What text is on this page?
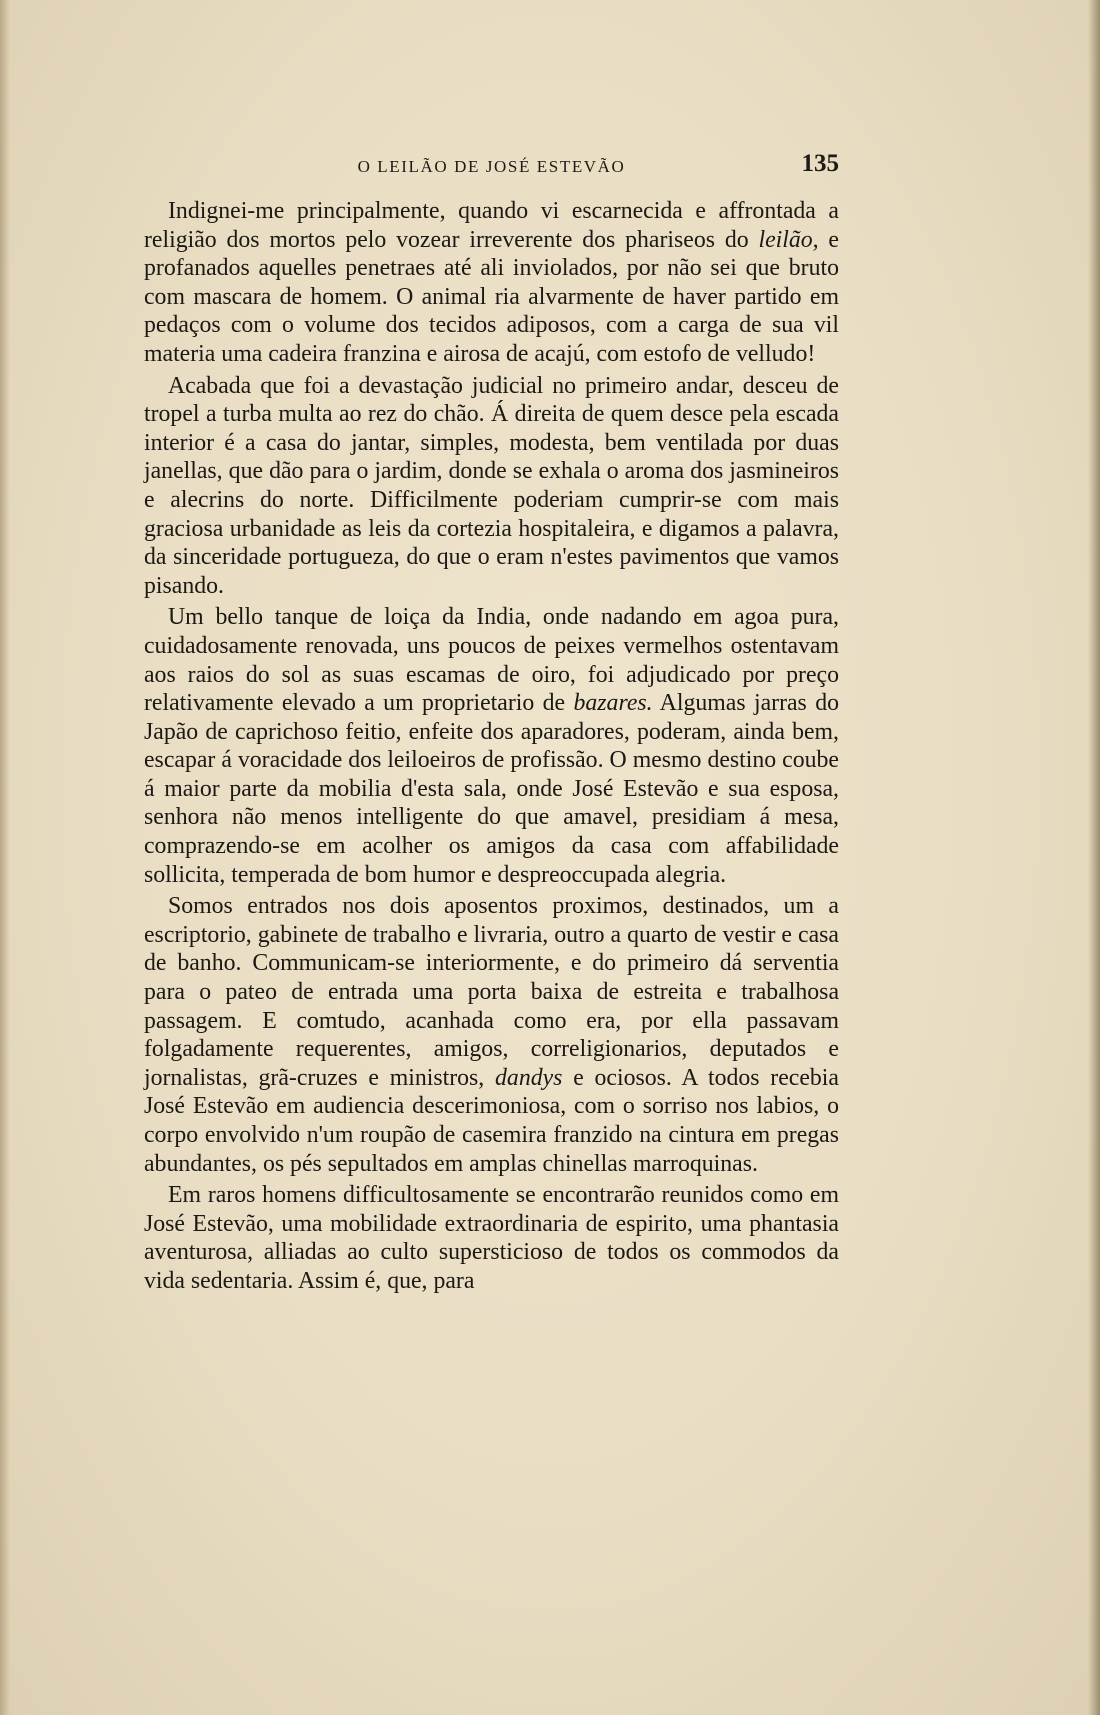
O LEILÃO DE JOSÉ ESTEVÃO	135

Indignei-me principalmente, quando vi escarnecida e affrontada a religião dos mortos pelo vozear irreverente dos phariseos do leilão, e profanados aquelles penetraes até ali inviolados, por não sei que bruto com mascara de homem. O animal ria alvarmente de haver partido em pedaços com o volume dos tecidos adiposos, com a carga de sua vil materia uma cadeira franzina e airosa de acajú, com estofo de velludo!

Acabada que foi a devastação judicial no primeiro andar, desceu de tropel a turba multa ao rez do chão. Á direita de quem desce pela escada interior é a casa do jantar, simples, modesta, bem ventilada por duas janellas, que dão para o jardim, donde se exhala o aroma dos jasmineiros e alecrins do norte. Difficilmente poderiam cumprir-se com mais graciosa urbanidade as leis da cortezia hospitaleira, e digamos a palavra, da sinceridade portugueza, do que o eram n'estes pavimentos que vamos pisando.

Um bello tanque de loiça da India, onde nadando em agoa pura, cuidadosamente renovada, uns poucos de peixes vermelhos ostentavam aos raios do sol as suas escamas de oiro, foi adjudicado por preço relativamente elevado a um proprietario de bazares. Algumas jarras do Japão de caprichoso feitio, enfeite dos aparadores, poderam, ainda bem, escapar á voracidade dos leiloeiros de profissão. O mesmo destino coube á maior parte da mobilia d'esta sala, onde José Estevão e sua esposa, senhora não menos intelligente do que amavel, presidiam á mesa, comprazendo-se em acolher os amigos da casa com affabilidade sollicita, temperada de bom humor e despreoccupada alegria.

Somos entrados nos dois aposentos proximos, destinados, um a escriptorio, gabinete de trabalho e livraria, outro a quarto de vestir e casa de banho. Communicam-se interiormente, e do primeiro dá serventia para o pateo de entrada uma porta baixa de estreita e trabalhosa passagem. E comtudo, acanhada como era, por ella passavam folgadamente requerentes, amigos, correligionarios, deputados e jornalistas, grã-cruzes e ministros, dandys e ociosos. A todos recebia José Estevão em audiencia descerimoniosa, com o sorriso nos labios, o corpo envolvido n'um roupão de casemira franzido na cintura em pregas abundantes, os pés sepultados em amplas chinellas marroquinas.

Em raros homens difficultosamente se encontrarão reunidos como em José Estevão, uma mobilidade extraordinaria de espirito, uma phantasia aventurosa, alliadas ao culto supersticioso de todos os commodos da vida sedentaria. Assim é, que, para
